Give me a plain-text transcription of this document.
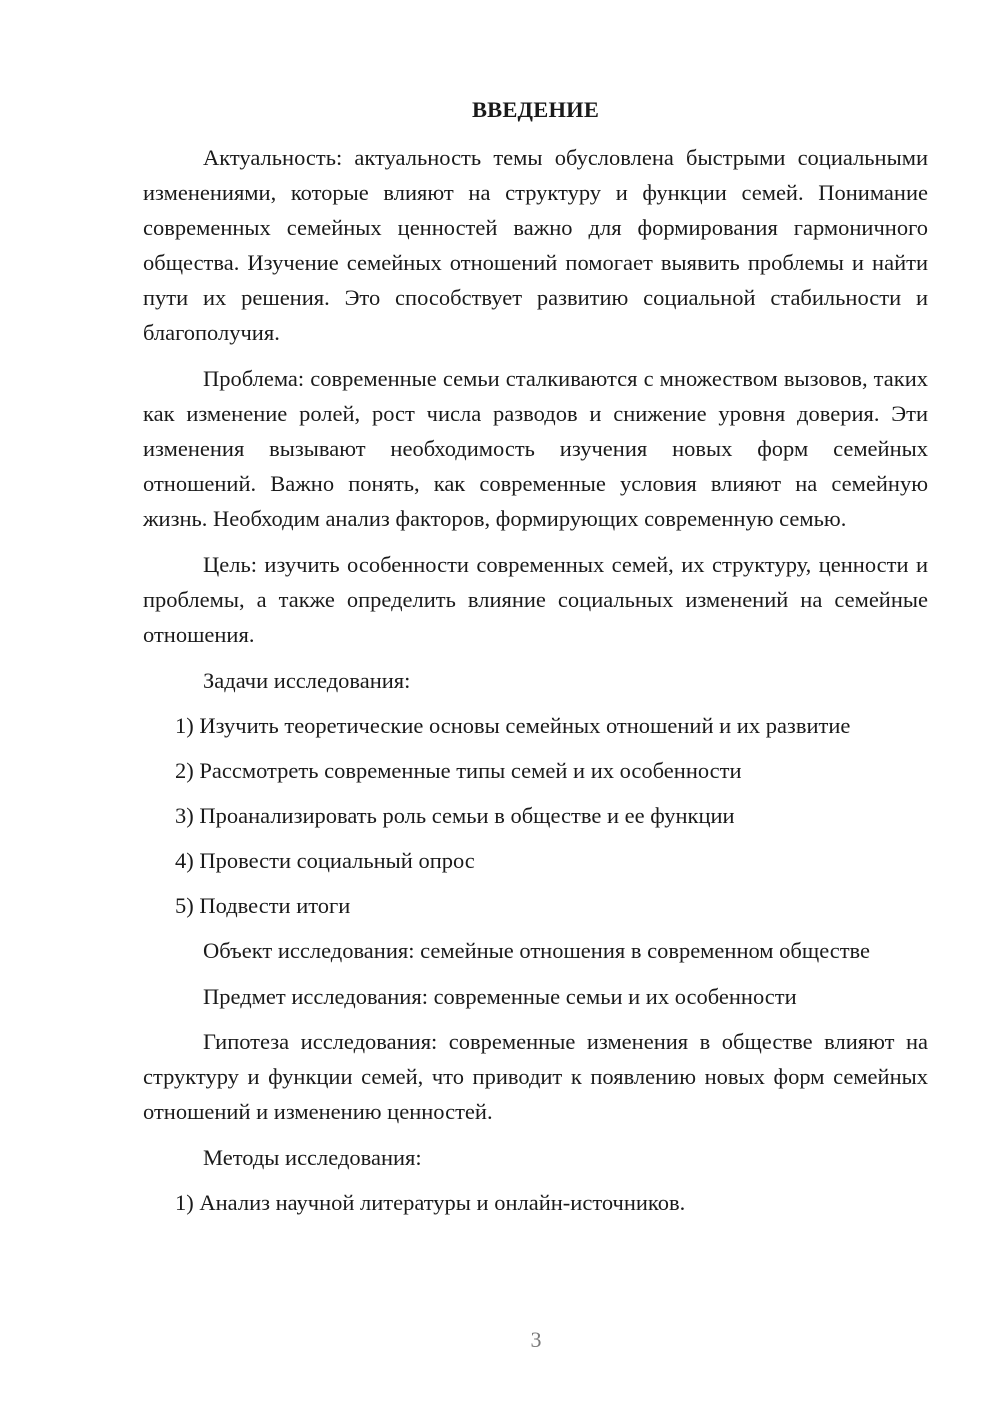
ВВЕДЕНИЕ

Актуальность: актуальность темы обусловлена быстрыми социальными изменениями, которые влияют на структуру и функции семей. Понимание современных семейных ценностей важно для формирования гармоничного общества. Изучение семейных отношений помогает выявить проблемы и найти пути их решения. Это способствует развитию социальной стабильности и благополучия.

Проблема: современные семьи сталкиваются с множеством вызовов, таких как изменение ролей, рост числа разводов и снижение уровня доверия. Эти изменения вызывают необходимость изучения новых форм семейных отношений. Важно понять, как современные условия влияют на семейную жизнь. Необходим анализ факторов, формирующих современную семью.

Цель: изучить особенности современных семей, их структуру, ценности и проблемы, а также определить влияние социальных изменений на семейные отношения.

Задачи исследования:

1) Изучить теоретические основы семейных отношений и их развитие
2) Рассмотреть современные типы семей и их особенности
3) Проанализировать роль семьи в обществе и ее функции
4) Провести социальный опрос
5) Подвести итоги

Объект исследования: семейные отношения в современном обществе

Предмет исследования: современные семьи и их особенности

Гипотеза исследования: современные изменения в обществе влияют на структуру и функции семей, что приводит к появлению новых форм семейных отношений и изменению ценностей.

Методы исследования:

1) Анализ научной литературы и онлайн-источников.
3
